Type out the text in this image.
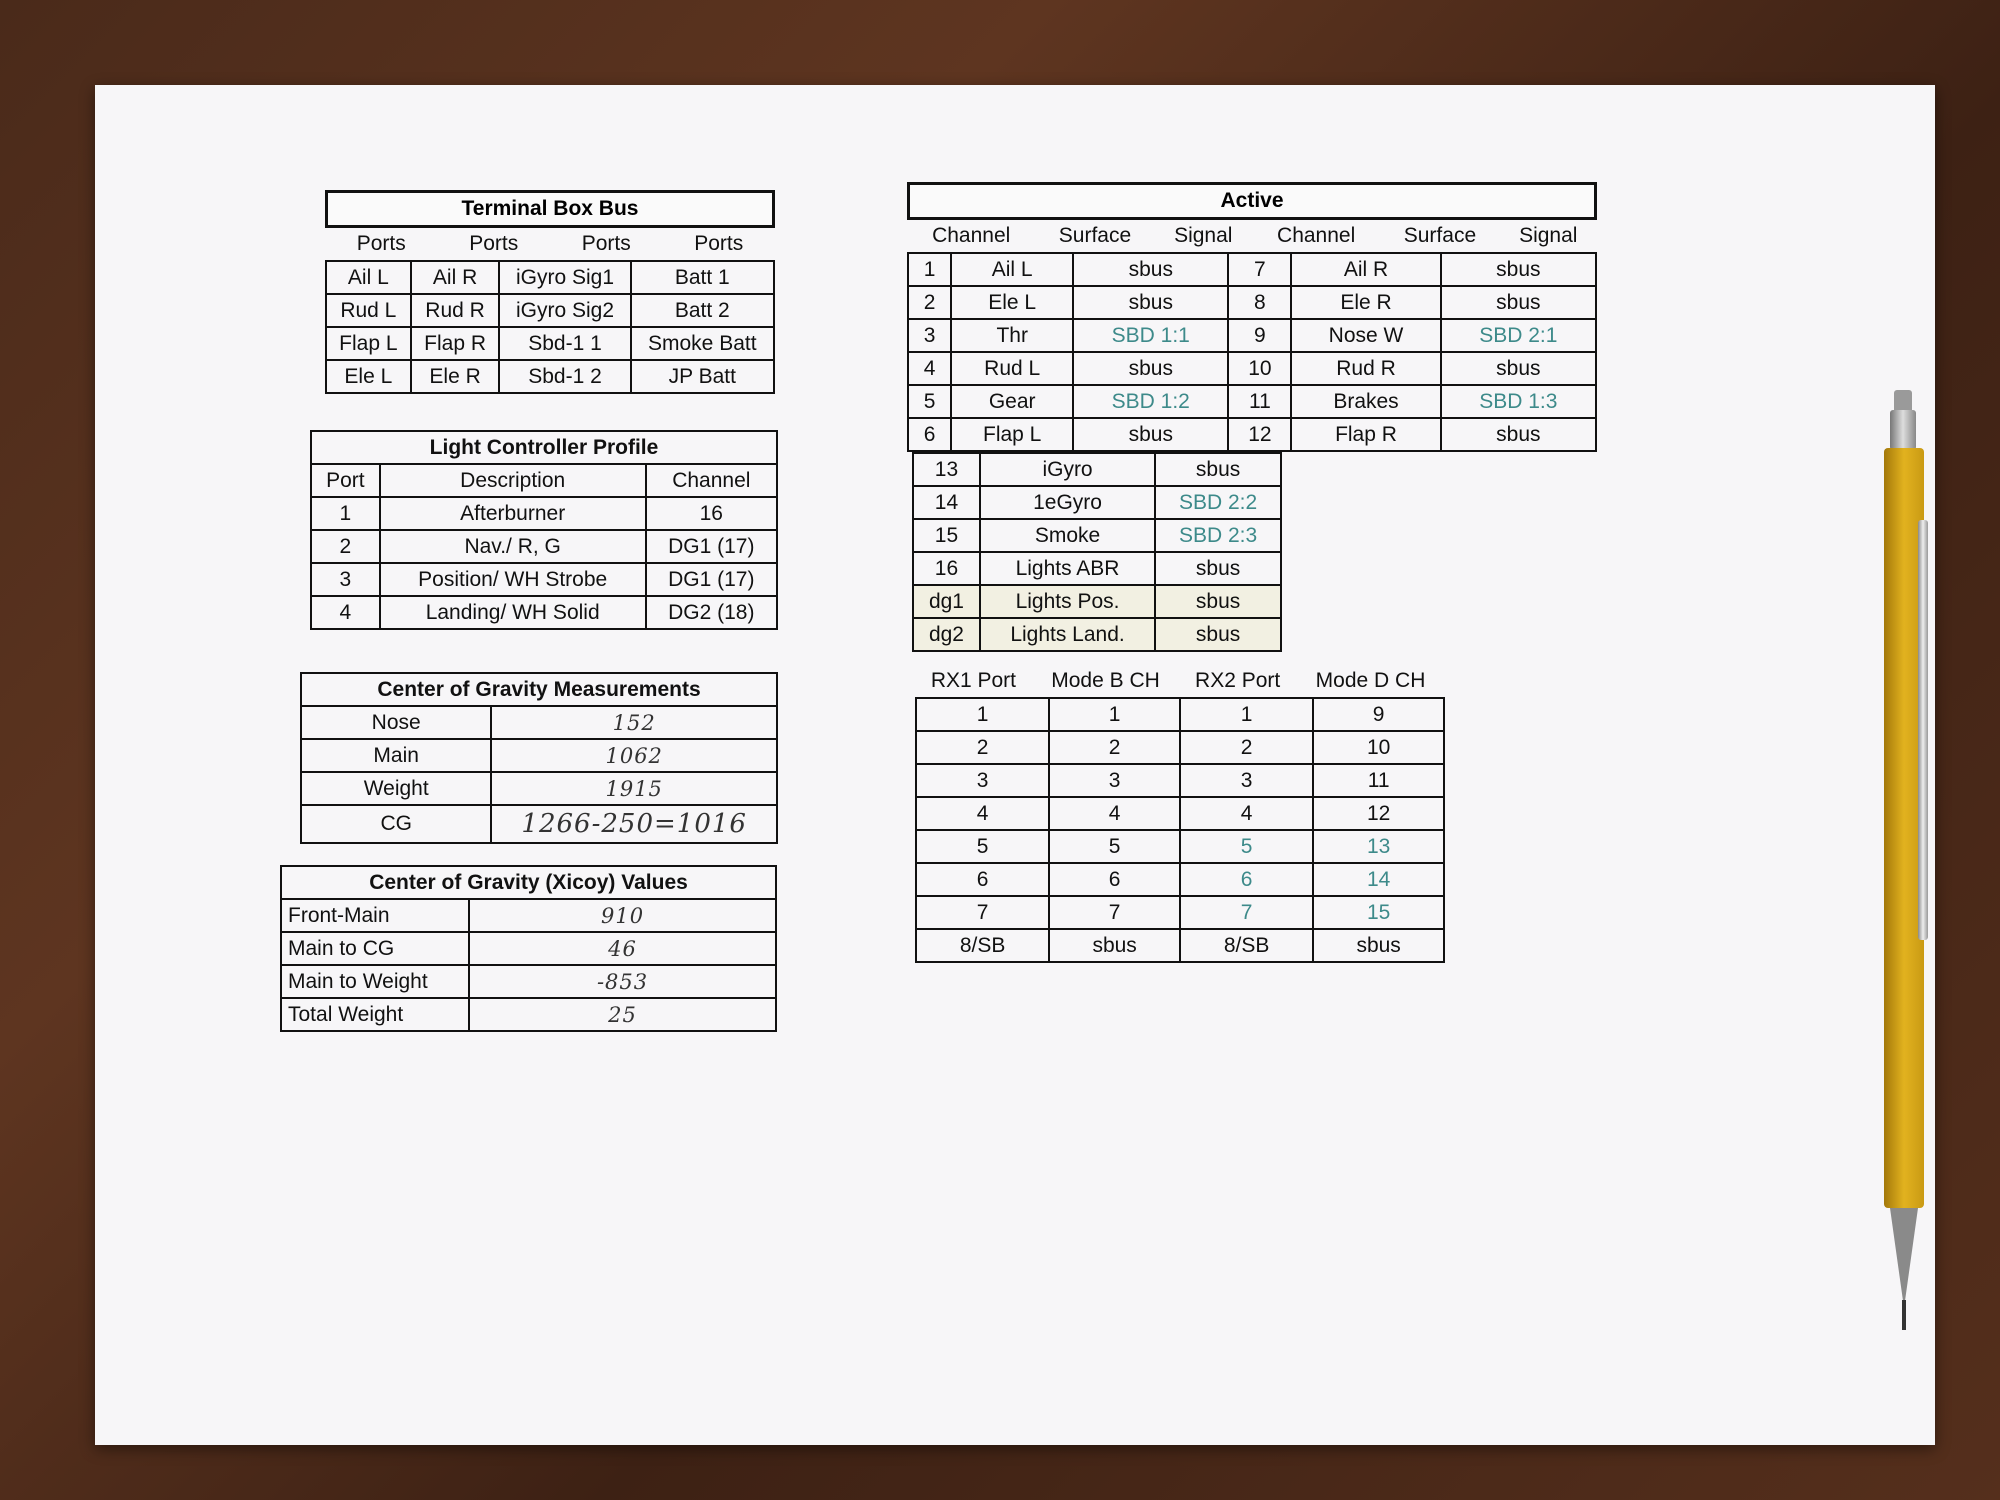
Terminal Box Bus
Ports	Ports	Ports	Ports
Ail L	Ail R	iGyro Sig1	Batt 1
Rud L	Rud R	iGyro Sig2	Batt 2
Flap L	Flap R	Sbd-1 1	Smoke Batt
Ele L	Ele R	Sbd-1 2	JP Batt
Light Controller Profile		
Port	Description	Channel
1	Afterburner	16
2	Nav./ R, G	DG1 (17)
3	Position/ WH Strobe	DG1 (17)
4	Landing/ WH Solid	DG2 (18)
Center of Gravity Measurements	
Nose	152
Main	1062
Weight	1915
CG	1266-250=1016
Center of Gravity (Xicoy) Values	
Front-Main	910
Main to CG	46
Main to Weight	-853
Total Weight	25
Active
Channel	Surface	Signal	Channel	Surface	Signal
1	Ail L	sbus	7	Ail R	sbus
2	Ele L	sbus	8	Ele R	sbus
3	Thr	SBD 1:1	9	Nose W	SBD 2:1
4	Rud L	sbus	10	Rud R	sbus
5	Gear	SBD 1:2	11	Brakes	SBD 1:3
6	Flap L	sbus	12	Flap R	sbus
13	iGyro	sbus
14	1eGyro	SBD 2:2
15	Smoke	SBD 2:3
16	Lights ABR	sbus
dg1	Lights Pos.	sbus
dg2	Lights Land.	sbus
RX1 Port	Mode B CH	RX2 Port	Mode D CH
1	1	1	9
2	2	2	10
3	3	3	11
4	4	4	12
5	5	5	13
6	6	6	14
7	7	7	15
8/SB	sbus	8/SB	sbus
